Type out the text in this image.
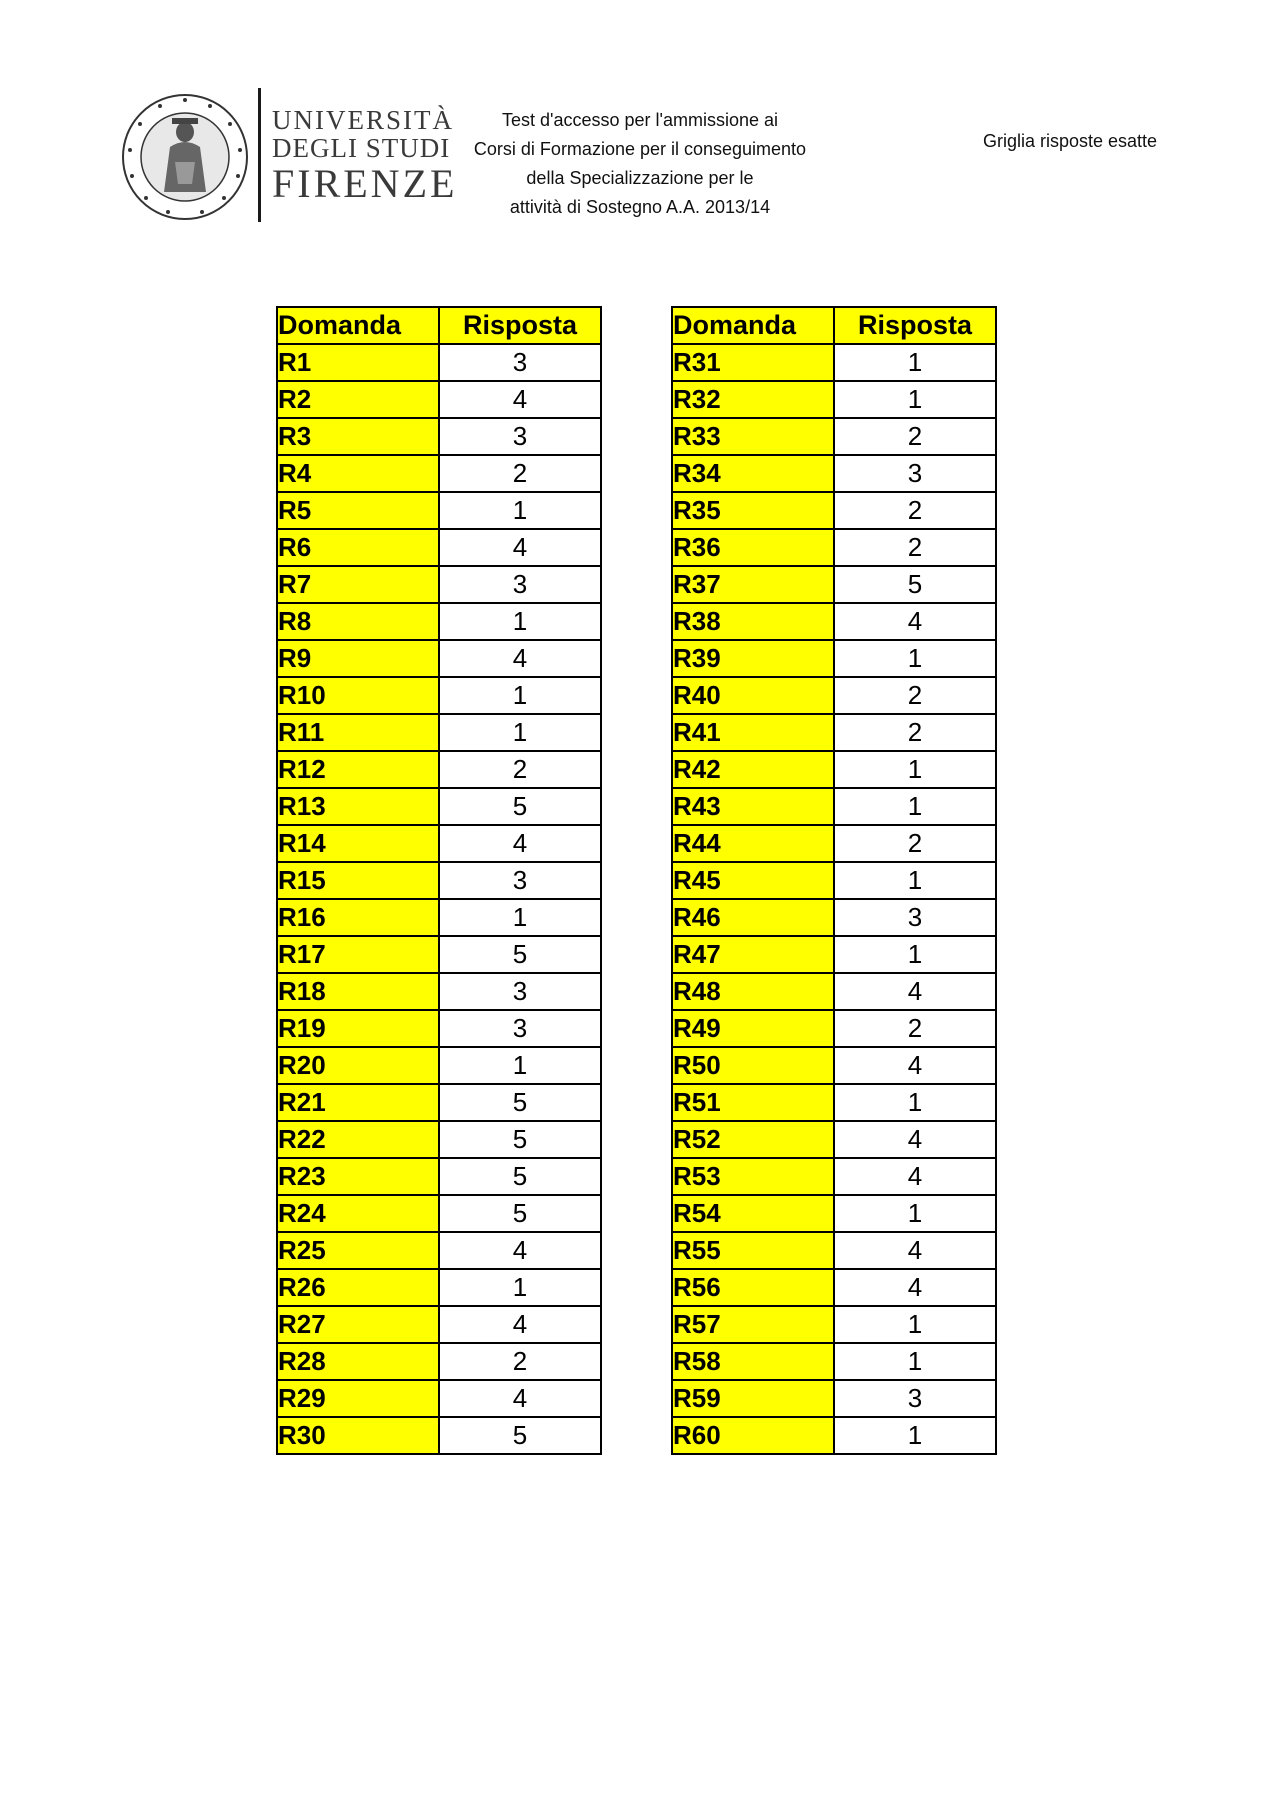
UNIVERSITÀ
DEGLI STUDI
FIRENZE
Test d'accesso per l'ammissione ai
Corsi di Formazione per il conseguimento
della Specializzazione per le
attività di Sostegno A.A. 2013/14
Griglia risposte esatte
Domanda	Risposta
R1	3
R2	4
R3	3
R4	2
R5	1
R6	4
R7	3
R8	1
R9	4
R10	1
R11	1
R12	2
R13	5
R14	4
R15	3
R16	1
R17	5
R18	3
R19	3
R20	1
R21	5
R22	5
R23	5
R24	5
R25	4
R26	1
R27	4
R28	2
R29	4
R30	5
Domanda	Risposta
R31	1
R32	1
R33	2
R34	3
R35	2
R36	2
R37	5
R38	4
R39	1
R40	2
R41	2
R42	1
R43	1
R44	2
R45	1
R46	3
R47	1
R48	4
R49	2
R50	4
R51	1
R52	4
R53	4
R54	1
R55	4
R56	4
R57	1
R58	1
R59	3
R60	1
